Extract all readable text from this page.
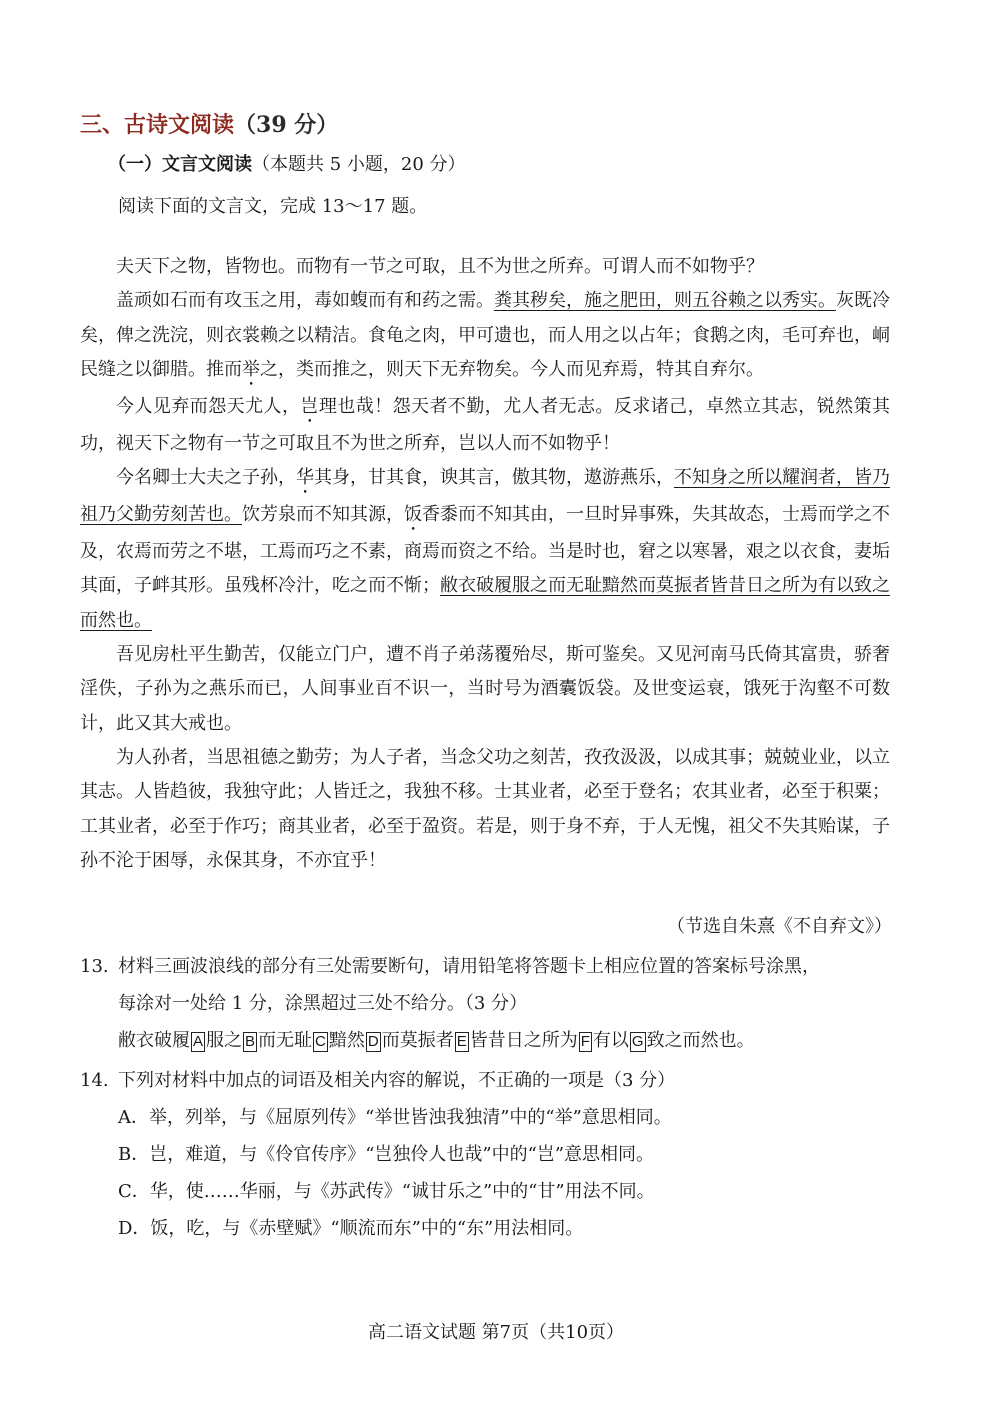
三、古诗文阅读（39 分）
（一）文言文阅读（本题共 5 小题，20 分）
阅读下面的文言文，完成 13～17 题。

夫天下之物，皆物也。而物有一节之可取，且不为世之所弃。可谓人而不如物乎？

盖顽如石而有攻玉之用，毒如蝮而有和药之需。粪其秽矣，施之肥田，则五谷赖之以秀实。灰既冷矣，俾之洗浣，则衣裳赖之以精洁。食龟之肉，甲可遗也，而人用之以占年；食鹅之肉，毛可弃也，峒民缝之以御腊。推而举之，类而推之，则天下无弃物矣。今人而见弃焉，特其自弃尔。

今人见弃而怨天尤人，岂理也哉！怨天者不勤，尤人者无志。反求诸己，卓然立其志，锐然策其功，视天下之物有一节之可取且不为世之所弃，岂以人而不如物乎！

今名卿士大夫之子孙，华其身，甘其食，谀其言，傲其物，遨游燕乐，不知身之所以耀润者，皆乃祖乃父勤劳刻苦也。饮芳泉而不知其源，饭香黍而不知其由，一旦时异事殊，失其故态，士焉而学之不及，农焉而劳之不堪，工焉而巧之不素，商焉而资之不给。当是时也，窘之以寒暑，艰之以衣食，妻垢其面，子衅其形。虽残杯冷汁，吃之而不惭；敝衣破履服之而无耻黯然而莫振者皆昔日之所为有以致之而然也。

吾见房杜平生勤苦，仅能立门户，遭不肖子弟荡覆殆尽，斯可鉴矣。又见河南马氏倚其富贵，骄奢淫佚，子孙为之燕乐而已，人间事业百不识一，当时号为酒囊饭袋。及世变运衰，饿死于沟壑不可数计，此又其大戒也。

为人孙者，当思祖德之勤劳；为人子者，当念父功之刻苦，孜孜汲汲，以成其事；兢兢业业，以立其志。人皆趋彼，我独守此；人皆迁之，我独不移。士其业者，必至于登名；农其业者，必至于积粟；工其业者，必至于作巧；商其业者，必至于盈资。若是，则于身不弃，于人无愧，祖父不失其贻谋，子孙不沦于困辱，永保其身，不亦宜乎！

（节选自朱熹《不自弃文》）
13. 材料三画波浪线的部分有三处需要断句，请用铅笔将答题卡上相应位置的答案标号涂黑，
每涂对一处给 1 分，涂黑超过三处不给分。（3 分）
敝衣破履 A 服之 B 而无耻 C 黯然 D 而莫振者 E 皆昔日之所为 F 有以 G 致之而然也。
14. 下列对材料中加点的词语及相关内容的解说，不正确的一项是（3 分）
A．举，列举，与《屈原列传》“举世皆浊我独清”中的“举”意思相同。
B．岂，难道，与《伶官传序》“岂独伶人也哉”中的“岂”意思相同。
C．华，使……华丽，与《苏武传》“诚甘乐之”中的“甘”用法不同。
D．饭，吃，与《赤壁赋》“顺流而东”中的“东”用法相同。
高二语文试题 第7页（共10页）
